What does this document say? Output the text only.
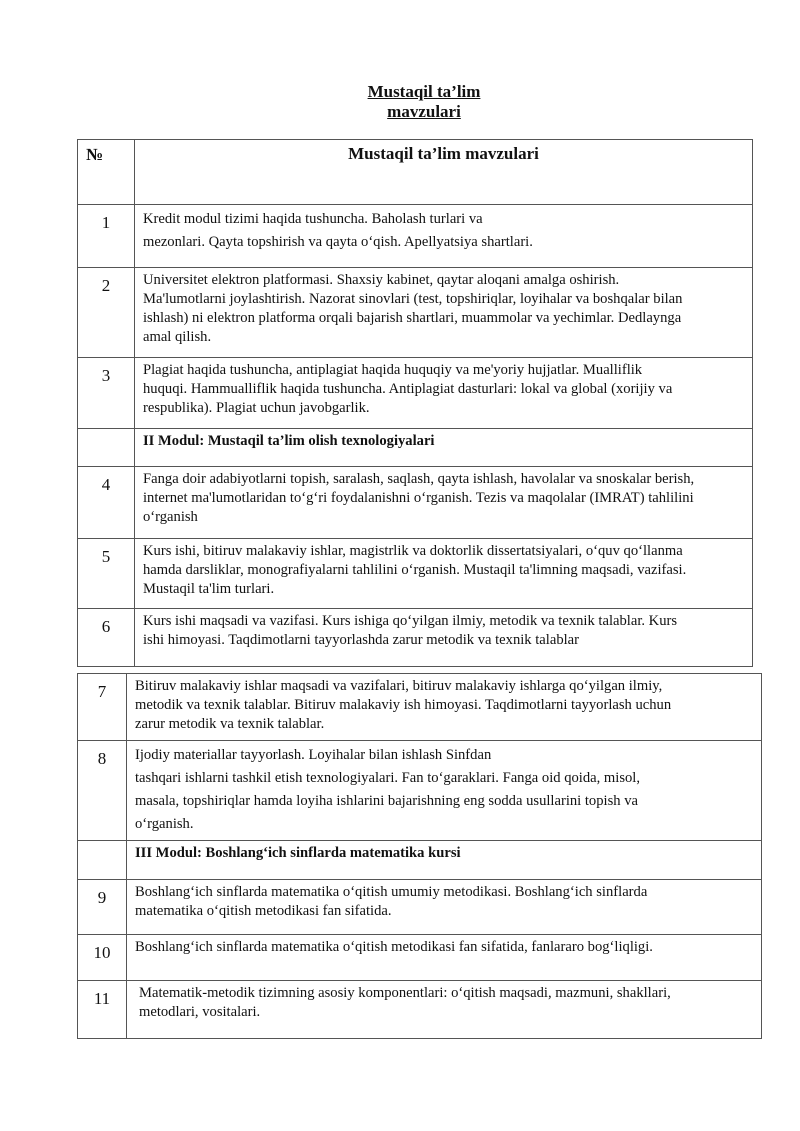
Mustaqil ta’lim
mavzulari
№	Mustaqil ta’lim mavzulari

1	Kredit modul tizimi haqida tushuncha. Baholash turlari va
mezonlari. Qayta topshirish va qayta o‘qish. Apellyatsiya shartlari.

2	Universitet elektron platformasi. Shaxsiy kabinet, qaytar aloqani amalga oshirish.
Ma'lumotlarni joylashtirish. Nazorat sinovlari (test, topshiriqlar, loyihalar va boshqalar bilan
ishlash) ni elektron platforma orqali bajarish shartlari, muammolar va yechimlar. Dedlaynga
amal qilish.

3	Plagiat haqida tushuncha, antiplagiat haqida huquqiy va me'yoriy hujjatlar. Mualliflik
huquqi. Hammualliflik haqida tushuncha. Antiplagiat dasturlari: lokal va global (xorijiy va
respublika). Plagiat uchun javobgarlik.

	II Modul: Mustaqil ta’lim olish texnologiyalari

4	Fanga doir adabiyotlarni topish, saralash, saqlash, qayta ishlash, havolalar va snoskalar berish,
internet ma'lumotlaridan to‘g‘ri foydalanishni o‘rganish. Tezis va maqolalar (IMRAT) tahlilini
o‘rganish

5	Kurs ishi, bitiruv malakaviy ishlar, magistrlik va doktorlik dissertatsiyalari, o‘quv qo‘llanma
hamda darsliklar, monografiyalarni tahlilini o‘rganish. Mustaqil ta'limning maqsadi, vazifasi.
Mustaqil ta'lim turlari.

6	Kurs ishi maqsadi va vazifasi. Kurs ishiga qo‘yilgan ilmiy, metodik va texnik talablar. Kurs
ishi himoyasi. Taqdimotlarni tayyorlashda zarur metodik va texnik talablar
7	Bitiruv malakaviy ishlar maqsadi va vazifalari, bitiruv malakaviy ishlarga qo‘yilgan ilmiy,
metodik va texnik talablar. Bitiruv malakaviy ish himoyasi. Taqdimotlarni tayyorlash uchun
zarur metodik va texnik talablar.

8	Ijodiy materiallar tayyorlash. Loyihalar bilan ishlash Sinfdan
tashqari ishlarni tashkil etish texnologiyalari. Fan to‘garaklari. Fanga oid qoida, misol,
masala, topshiriqlar hamda loyiha ishlarini bajarishning eng sodda usullarini topish va
o‘rganish.

	III Modul: Boshlang‘ich sinflarda matematika kursi

9	Boshlang‘ich sinflarda matematika o‘qitish umumiy metodikasi. Boshlang‘ich sinflarda
matematika o‘qitish metodikasi fan sifatida.

10	Boshlang‘ich sinflarda matematika o‘qitish metodikasi fan sifatida, fanlararo bog‘liqligi.

11	Matematik-metodik tizimning asosiy komponentlari: o‘qitish maqsadi, mazmuni, shakllari,
metodlari, vositalari.
